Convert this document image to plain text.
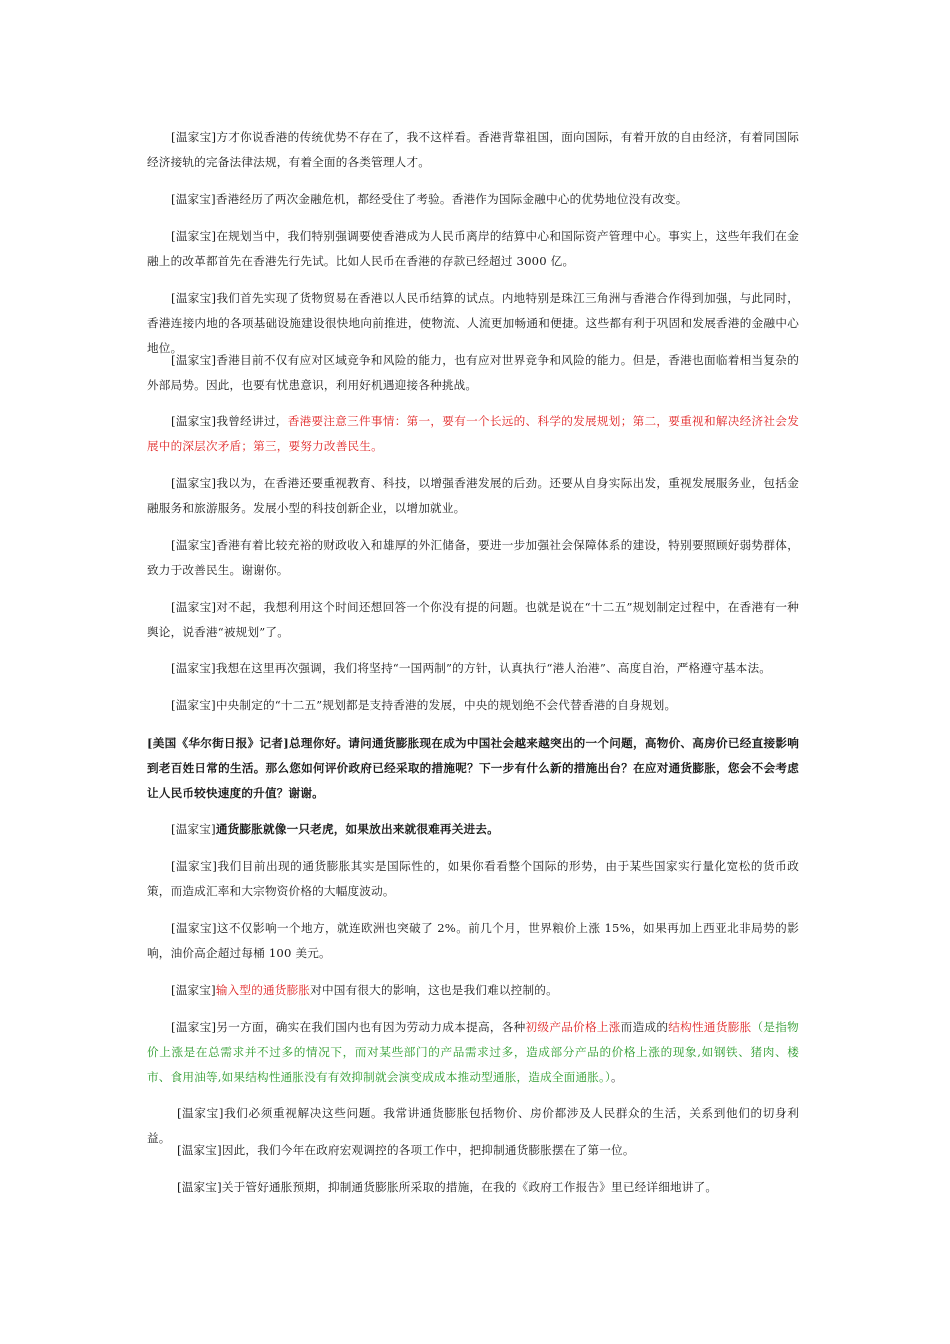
[温家宝]方才你说香港的传统优势不存在了，我不这样看。香港背靠祖国，面向国际，有着开放的自由经济，有着同国际经济接轨的完备法律法规，有着全面的各类管理人才。

[温家宝]香港经历了两次金融危机，都经受住了考验。香港作为国际金融中心的优势地位没有改变。

[温家宝]在规划当中，我们特别强调要使香港成为人民币离岸的结算中心和国际资产管理中心。事实上，这些年我们在金融上的改革都首先在香港先行先试。比如人民币在香港的存款已经超过 3000 亿。

[温家宝]我们首先实现了货物贸易在香港以人民币结算的试点。内地特别是珠江三角洲与香港合作得到加强，与此同时，香港连接内地的各项基础设施建设很快地向前推进，使物流、人流更加畅通和便捷。这些都有利于巩固和发展香港的金融中心地位。

[温家宝]香港目前不仅有应对区域竞争和风险的能力，也有应对世界竞争和风险的能力。但是，香港也面临着相当复杂的外部局势。因此，也要有忧患意识，利用好机遇迎接各种挑战。

[温家宝]我曾经讲过，香港要注意三件事情：第一，要有一个长远的、科学的发展规划；第二，要重视和解决经济社会发展中的深层次矛盾；第三，要努力改善民生。

[温家宝]我以为，在香港还要重视教育、科技，以增强香港发展的后劲。还要从自身实际出发，重视发展服务业，包括金融服务和旅游服务。发展小型的科技创新企业，以增加就业。

[温家宝]香港有着比较充裕的财政收入和雄厚的外汇储备，要进一步加强社会保障体系的建设，特别要照顾好弱势群体，致力于改善民生。谢谢你。

[温家宝]对不起，我想利用这个时间还想回答一个你没有提的问题。也就是说在“十二五”规划制定过程中，在香港有一种舆论，说香港“被规划”了。

[温家宝]我想在这里再次强调，我们将坚持“一国两制”的方针，认真执行“港人治港”、高度自治，严格遵守基本法。

[温家宝]中央制定的“十二五”规划都是支持香港的发展，中央的规划绝不会代替香港的自身规划。

[美国《华尔街日报》记者]总理你好。请问通货膨胀现在成为中国社会越来越突出的一个问题，高物价、高房价已经直接影响到老百姓日常的生活。那么您如何评价政府已经采取的措施呢？下一步有什么新的措施出台？在应对通货膨胀，您会不会考虑让人民币较快速度的升值？谢谢。

[温家宝]通货膨胀就像一只老虎，如果放出来就很难再关进去。

[温家宝]我们目前出现的通货膨胀其实是国际性的，如果你看看整个国际的形势，由于某些国家实行量化宽松的货币政策，而造成汇率和大宗物资价格的大幅度波动。

[温家宝]这不仅影响一个地方，就连欧洲也突破了 2%。前几个月，世界粮价上涨 15%，如果再加上西亚北非局势的影响，油价高企超过每桶 100 美元。

[温家宝]输入型的通货膨胀对中国有很大的影响，这也是我们难以控制的。

[温家宝]另一方面，确实在我们国内也有因为劳动力成本提高，各种初级产品价格上涨而造成的结构性通货膨胀（是指物价上涨是在总需求并不过多的情况下，而对某些部门的产品需求过多，造成部分产品的价格上涨的现象,如钢铁、猪肉、楼市、食用油等,如果结构性通胀没有有效抑制就会演变成成本推动型通胀，造成全面通胀。）。

[温家宝]我们必须重视解决这些问题。我常讲通货膨胀包括物价、房价都涉及人民群众的生活，关系到他们的切身利益。

[温家宝]因此，我们今年在政府宏观调控的各项工作中，把抑制通货膨胀摆在了第一位。

[温家宝]关于管好通胀预期，抑制通货膨胀所采取的措施，在我的《政府工作报告》里已经详细地讲了。
